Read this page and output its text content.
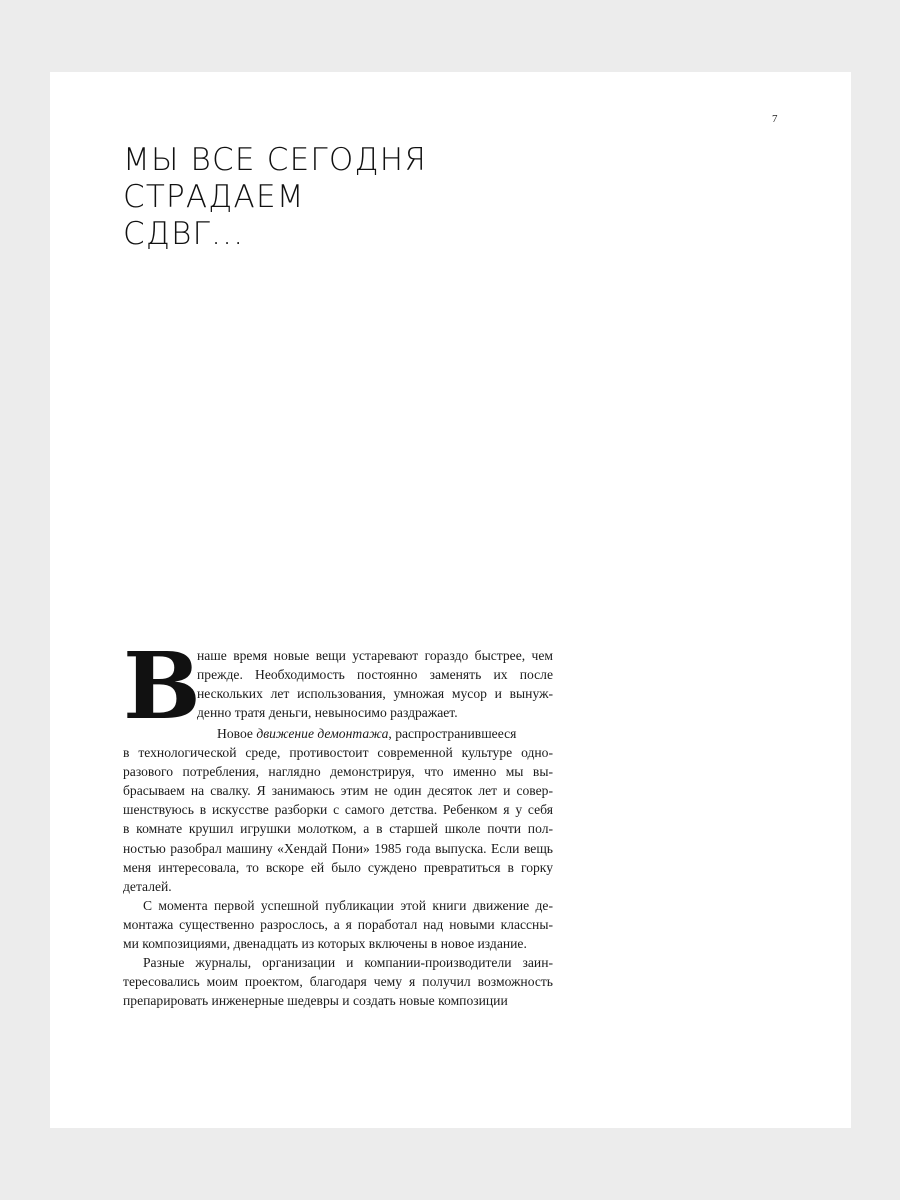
7
МЫ ВСЕ СЕГОДНЯ
СТРАДАЕМ
СДВГ...
В
наше время новые вещи устаревают гораздо быстрее, чем
прежде. Необходимость постоянно заменять их после
нескольких лет использования, умножая мусор и вынуж-
денно тратя деньги, невыносимо раздражает.
Новое движение демонтажа, распространившееся
в технологической среде, противостоит современной культуре одно-
разового потребления, наглядно демонстрируя, что именно мы вы-
брасываем на свалку. Я занимаюсь этим не один десяток лет и совер-
шенствуюсь в искусстве разборки с самого детства. Ребенком я у себя
в комнате крушил игрушки молотком, а в старшей школе почти пол-
ностью разобрал машину «Хендай Пони» 1985 года выпуска. Если вещь
меня интересовала, то вскоре ей было суждено превратиться в горку
деталей.
С момента первой успешной публикации этой книги движение де-
монтажа существенно разрослось, а я поработал над новыми классны-
ми композициями, двенадцать из которых включены в новое издание.
Разные журналы, организации и компании-производители заин-
тересовались моим проектом, благодаря чему я получил возможность
препарировать инженерные шедевры и создать новые композиции
